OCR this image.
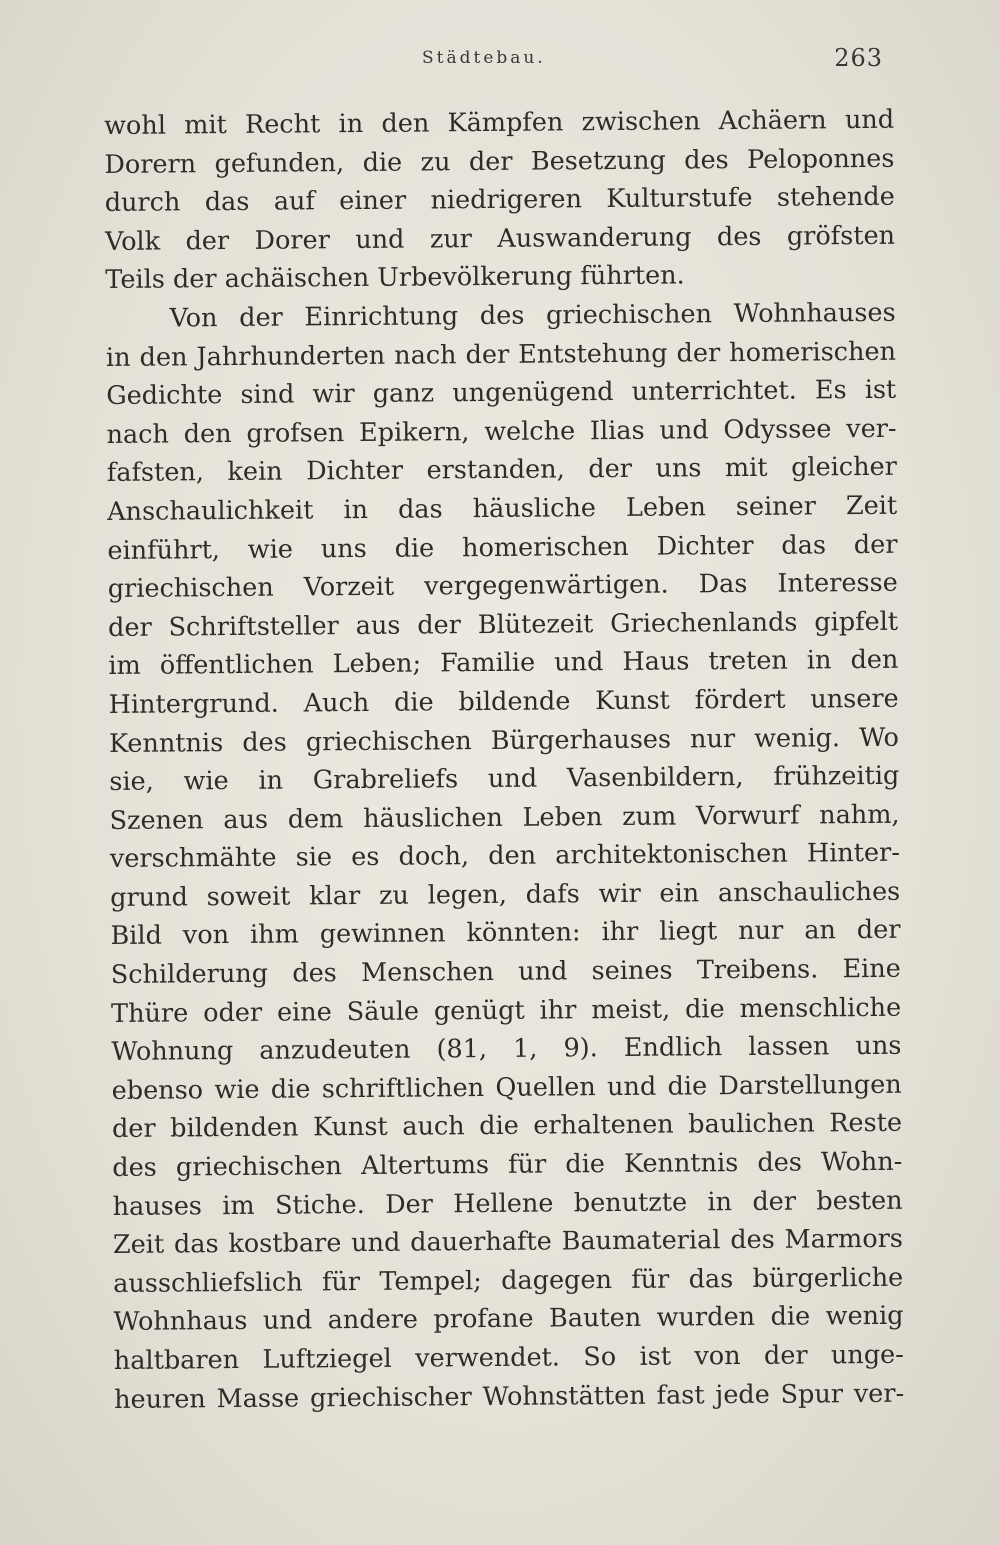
Städtebau.	263
wohl mit Recht in den Kämpfen zwischen Achäern und
Dorern gefunden, die zu der Besetzung des Peloponnes
durch das auf einer niedrigeren Kulturstufe stehende
Volk der Dorer und zur Auswanderung des gröfsten
Teils der achäischen Urbevölkerung führten.
Von der Einrichtung des griechischen Wohnhauses
in den Jahrhunderten nach der Entstehung der homerischen
Gedichte sind wir ganz ungenügend unterrichtet. Es ist
nach den grofsen Epikern, welche Ilias und Odyssee ver-
fafsten, kein Dichter erstanden, der uns mit gleicher
Anschaulichkeit in das häusliche Leben seiner Zeit
einführt, wie uns die homerischen Dichter das der
griechischen Vorzeit vergegenwärtigen. Das Interesse
der Schriftsteller aus der Blütezeit Griechenlands gipfelt
im öffentlichen Leben; Familie und Haus treten in den
Hintergrund. Auch die bildende Kunst fördert unsere
Kenntnis des griechischen Bürgerhauses nur wenig. Wo
sie, wie in Grabreliefs und Vasenbildern, frühzeitig
Szenen aus dem häuslichen Leben zum Vorwurf nahm,
verschmähte sie es doch, den architektonischen Hinter-
grund soweit klar zu legen, dafs wir ein anschauliches
Bild von ihm gewinnen könnten: ihr liegt nur an der
Schilderung des Menschen und seines Treibens. Eine
Thüre oder eine Säule genügt ihr meist, die menschliche
Wohnung anzudeuten (81, 1, 9). Endlich lassen uns
ebenso wie die schriftlichen Quellen und die Darstellungen
der bildenden Kunst auch die erhaltenen baulichen Reste
des griechischen Altertums für die Kenntnis des Wohn-
hauses im Stiche. Der Hellene benutzte in der besten
Zeit das kostbare und dauerhafte Baumaterial des Marmors
ausschliefslich für Tempel; dagegen für das bürgerliche
Wohnhaus und andere profane Bauten wurden die wenig
haltbaren Luftziegel verwendet. So ist von der unge-
heuren Masse griechischer Wohnstätten fast jede Spur ver-
